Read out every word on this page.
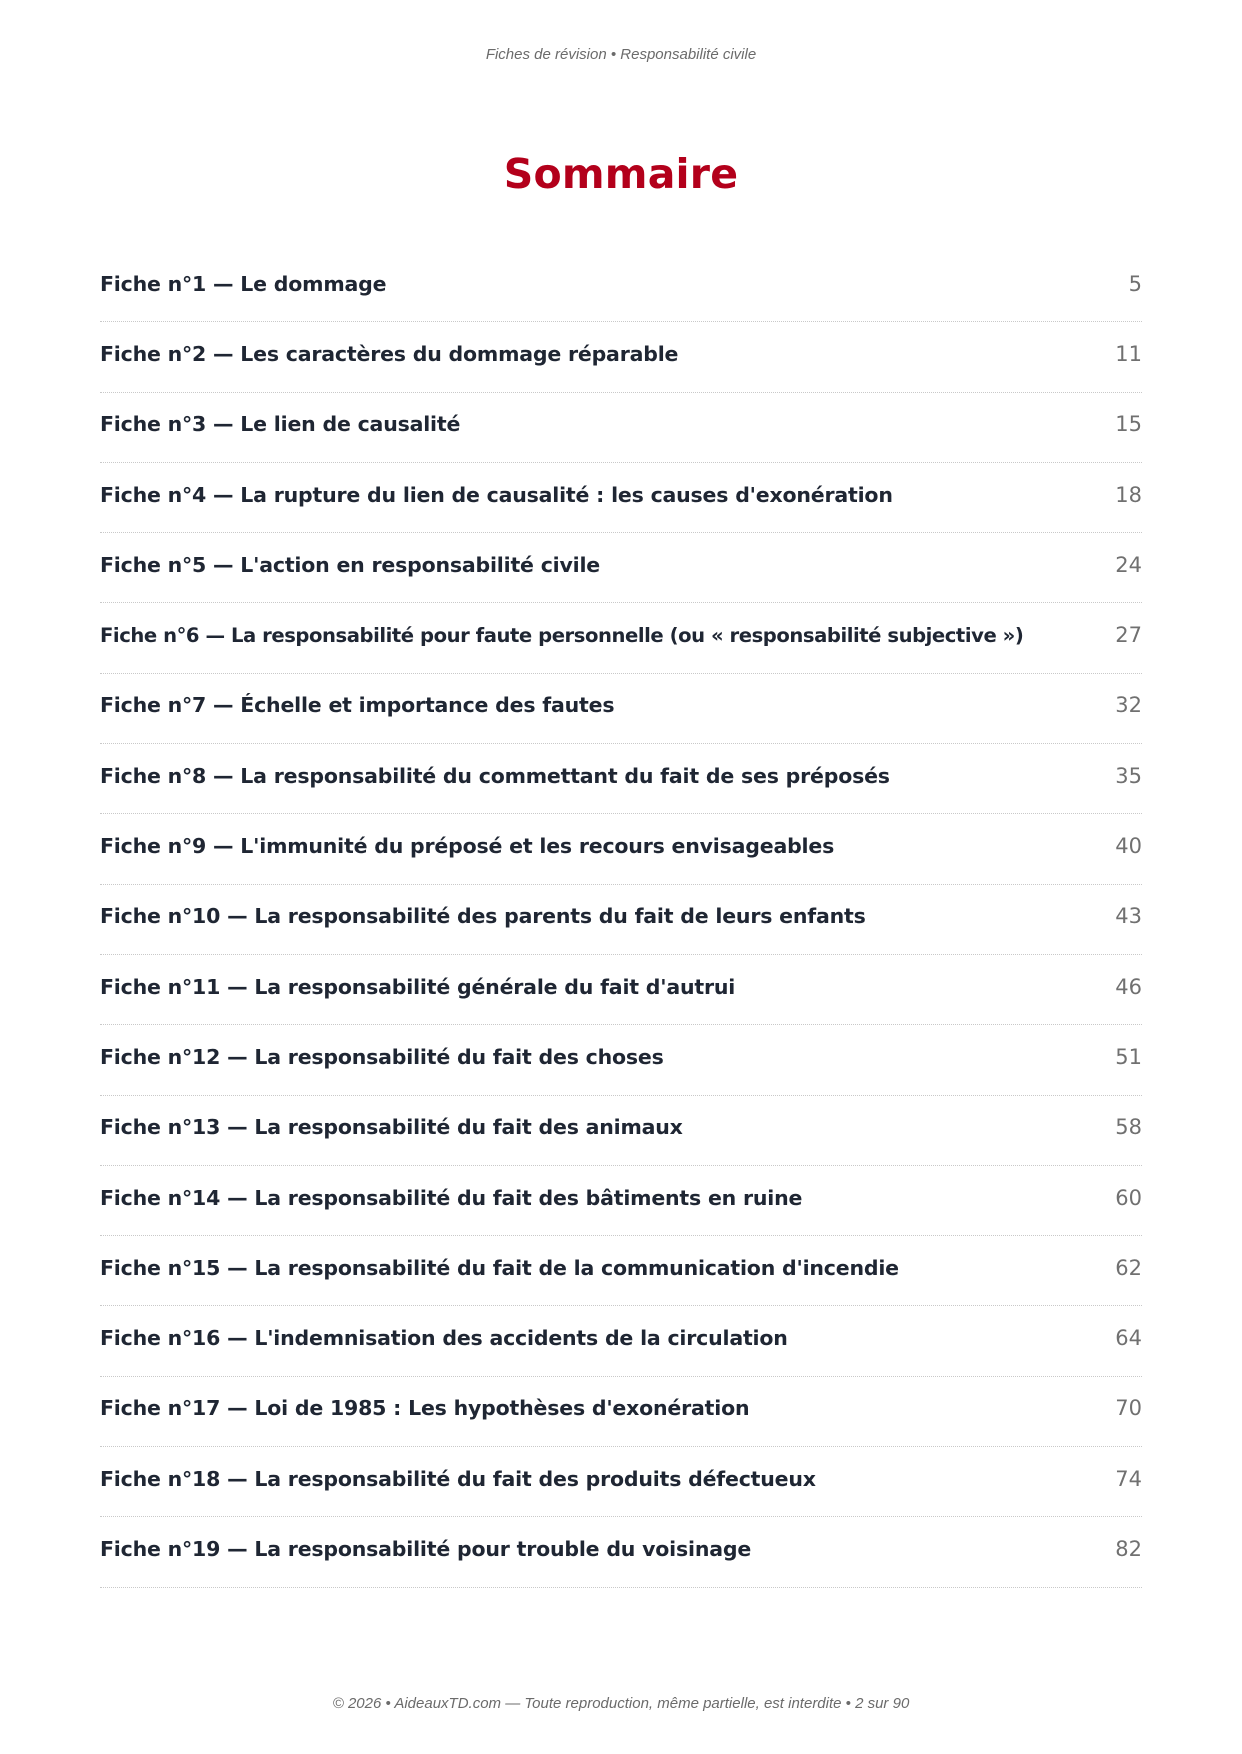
Fiches de révision • Responsabilité civile
Sommaire
Fiche n°1 — Le dommage	5
Fiche n°2 — Les caractères du dommage réparable	11
Fiche n°3 — Le lien de causalité	15
Fiche n°4 — La rupture du lien de causalité : les causes d'exonération	18
Fiche n°5 — L'action en responsabilité civile	24
Fiche n°6 — La responsabilité pour faute personnelle (ou « responsabilité subjective »)	27
Fiche n°7 — Échelle et importance des fautes	32
Fiche n°8 — La responsabilité du commettant du fait de ses préposés	35
Fiche n°9 — L'immunité du préposé et les recours envisageables	40
Fiche n°10 — La responsabilité des parents du fait de leurs enfants	43
Fiche n°11 — La responsabilité générale du fait d'autrui	46
Fiche n°12 — La responsabilité du fait des choses	51
Fiche n°13 — La responsabilité du fait des animaux	58
Fiche n°14 — La responsabilité du fait des bâtiments en ruine	60
Fiche n°15 — La responsabilité du fait de la communication d'incendie	62
Fiche n°16 — L'indemnisation des accidents de la circulation	64
Fiche n°17 — Loi de 1985 : Les hypothèses d'exonération	70
Fiche n°18 — La responsabilité du fait des produits défectueux	74
Fiche n°19 — La responsabilité pour trouble du voisinage	82
© 2026 • AideauxTD.com — Toute reproduction, même partielle, est interdite • 2 sur 90
